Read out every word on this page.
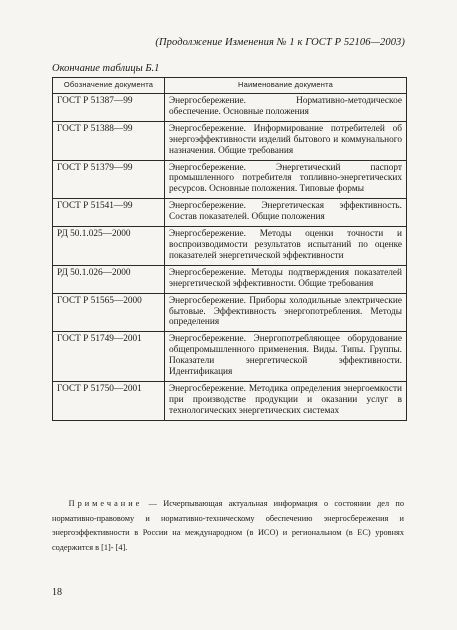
(Продолжение Изменения № 1 к ГОСТ Р 52106—2003)
Окончание таблицы Б.1
Обозначение документа	Наименование документа
ГОСТ Р 51387—99	Энергосбережение. Нормативно-методическое обеспечение. Основные положения
ГОСТ Р 51388—99	Энергосбережение. Информирование потребителей об энергоэффективности изделий бытового и коммунального назначения. Общие требования
ГОСТ Р 51379—99	Энергосбережение. Энергетический паспорт промышленного потребителя топливно-энергетических ресурсов. Основные положения. Типовые формы
ГОСТ Р 51541—99	Энергосбережение. Энергетическая эффективность. Состав показателей. Общие положения
РД 50.1.025—2000	Энергосбережение. Методы оценки точности и воспроизводимости результатов испытаний по оценке показателей энергетической эффективности
РД 50.1.026—2000	Энергосбережение. Методы подтверждения показателей энергетической эффективности. Общие требования
ГОСТ Р 51565—2000	Энергосбережение. Приборы холодильные электрические бытовые. Эффективность энергопотребления. Методы определения
ГОСТ Р 51749—2001	Энергосбережение. Энергопотребляющее оборудование общепромышленного применения. Виды. Типы. Группы. Показатели энергетической эффективности. Идентификация
ГОСТ Р 51750—2001	Энергосбережение. Методика определения энергоемкости при производстве продукции и оказании услуг в технологических энергетических системах
  Примечание — Исчерпывающая актуальная информация о состоянии дел по нормативно-правовому и нормативно-техническому обеспечению энергосбережения и энергоэффективности в России на международном (в ИСО) и региональном (в ЕС) уровнях содержится в [1]- [4].
18
